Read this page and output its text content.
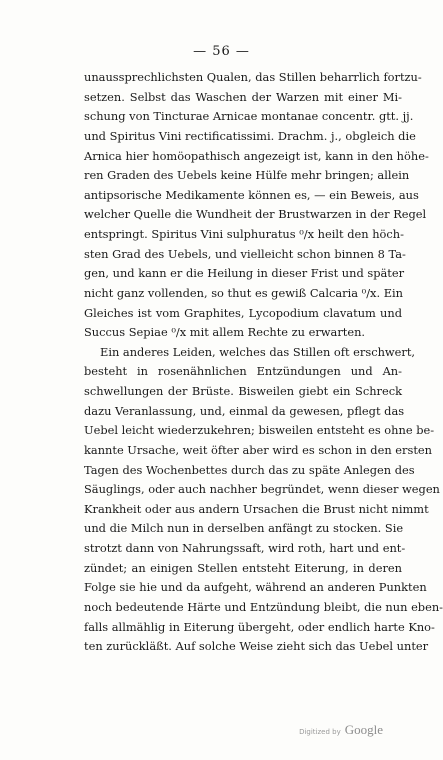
— 56 —
unaussprechlichsten Qualen, das Stillen beharrlich fortzu-
setzen. Selbst das Waschen der Warzen mit einer Mi-
schung von Tincturae Arnicae montanae concentr. gtt. jj.
und Spiritus Vini rectificatissimi. Drachm. j., obgleich die
Arnica hier homöopathisch angezeigt ist, kann in den höhe-
ren Graden des Uebels keine Hülfe mehr bringen; allein
antipsorische Medikamente können es, — ein Beweis, aus
welcher Quelle die Wundheit der Brustwarzen in der Regel
entspringt. Spiritus Vini sulphuratus ⁰/x heilt den höch-
sten Grad des Uebels, und vielleicht schon binnen 8 Ta-
gen, und kann er die Heilung in dieser Frist und später
nicht ganz vollenden, so thut es gewiß Calcaria ⁰/x. Ein
Gleiches ist vom Graphites, Lycopodium clavatum und
Succus Sepiae ⁰/x mit allem Rechte zu erwarten.
Ein anderes Leiden, welches das Stillen oft erschwert,
besteht in rosenähnlichen Entzündungen und An-
schwellungen der Brüste. Bisweilen giebt ein Schreck
dazu Veranlassung, und, einmal da gewesen, pflegt das
Uebel leicht wiederzukehren; bisweilen entsteht es ohne be-
kannte Ursache, weit öfter aber wird es schon in den ersten
Tagen des Wochenbettes durch das zu späte Anlegen des
Säuglings, oder auch nachher begründet, wenn dieser wegen
Krankheit oder aus andern Ursachen die Brust nicht nimmt
und die Milch nun in derselben anfängt zu stocken. Sie
strotzt dann von Nahrungssaft, wird roth, hart und ent-
zündet; an einigen Stellen entsteht Eiterung, in deren
Folge sie hie und da aufgeht, während an anderen Punkten
noch bedeutende Härte und Entzündung bleibt, die nun eben-
falls allmählig in Eiterung übergeht, oder endlich harte Kno-
ten zurückläßt. Auf solche Weise zieht sich das Uebel unter
Digitized by Google
